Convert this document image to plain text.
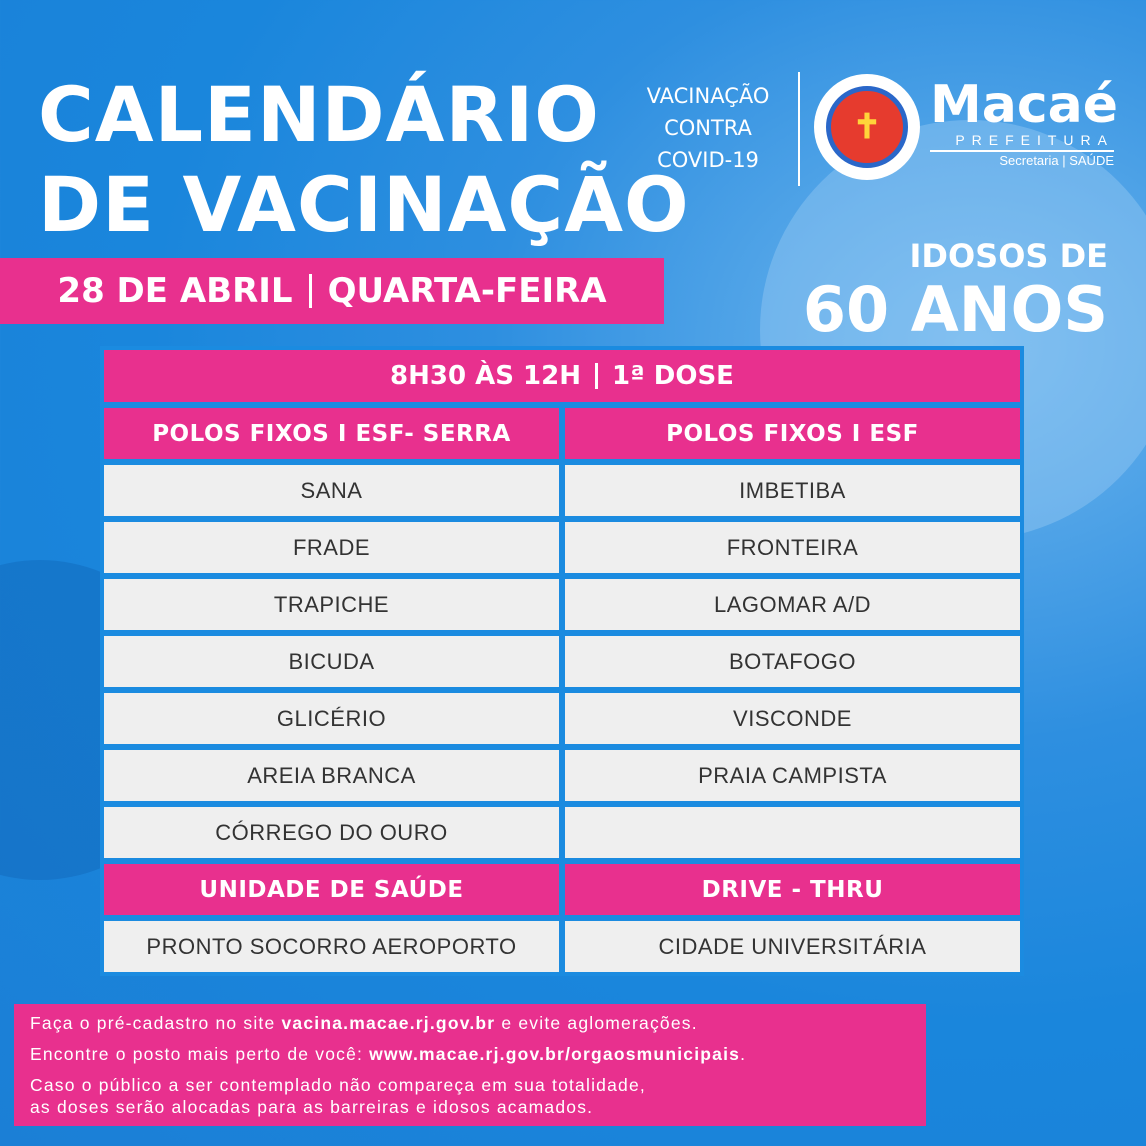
CALENDÁRIO
DE VACINAÇÃO
28 DE ABRIL QUARTA-FEIRA
VACINAÇÃO
CONTRA
COVID-19
✝ Macaé
PREFEITURA
Secretaria | SAÚDE
IDOSOS DE
60 ANOS
8H30 ÀS 12H 1ª DOSE
POLOS FIXOS I ESF- SERRA
SANA
FRADE
TRAPICHE
BICUDA
GLICÉRIO
AREIA BRANCA
CÓRREGO DO OURO
UNIDADE DE SAÚDE
PRONTO SOCORRO AEROPORTO
POLOS FIXOS I ESF
IMBETIBA
FRONTEIRA
LAGOMAR A/D
BOTAFOGO
VISCONDE
PRAIA CAMPISTA
DRIVE - THRU
CIDADE UNIVERSITÁRIA

Faça o pré-cadastro no site vacina.macae.rj.gov.br e evite aglomerações.

Encontre o posto mais perto de você: www.macae.rj.gov.br/orgaosmunicipais.

Caso o público a ser contemplado não compareça em sua totalidade,
as doses serão alocadas para as barreiras e idosos acamados.
